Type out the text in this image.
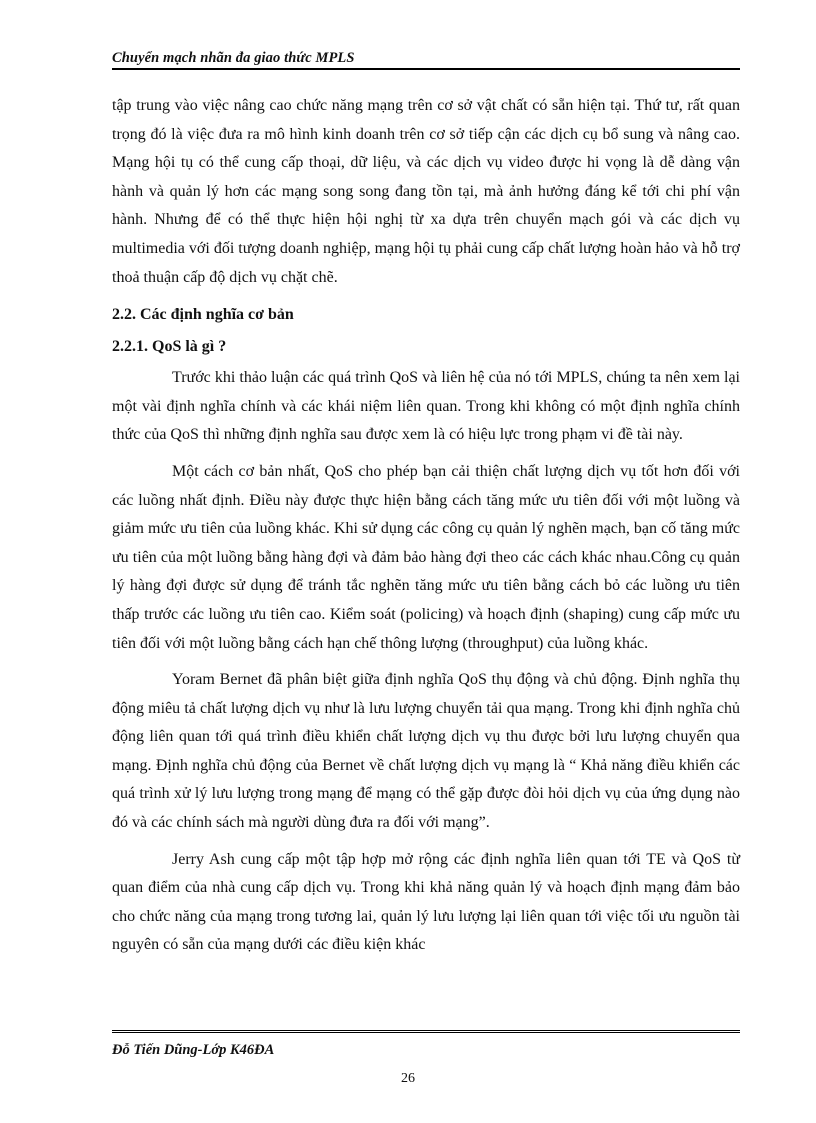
Chuyển mạch nhãn đa giao thức MPLS

tập trung vào việc nâng cao chức năng mạng trên cơ sở vật chất có sẵn hiện tại. Thứ tư, rất quan trọng đó là việc đưa ra mô hình kinh doanh trên cơ sở tiếp cận các dịch cụ bổ sung và nâng cao. Mạng hội tụ có thể cung cấp thoại, dữ liệu, và các dịch vụ video được hi vọng là dễ dàng vận hành và quản lý hơn các mạng song song đang tồn tại, mà ảnh hưởng đáng kể tới chi phí vận hành. Nhưng để có thể thực hiện hội nghị từ xa dựa trên chuyển mạch gói và các dịch vụ multimedia với đối tượng doanh nghiệp, mạng hội tụ phải cung cấp chất lượng hoàn hảo và hỗ trợ thoả thuận cấp độ dịch vụ chặt chẽ.

2.2. Các định nghĩa cơ bản
2.2.1. QoS là gì ?

Trước khi thảo luận các quá trình QoS và liên hệ của nó tới MPLS, chúng ta nên xem lại một vài định nghĩa chính và các khái niệm liên quan. Trong khi không có một định nghĩa chính thức của QoS thì những định nghĩa sau được xem là có hiệu lực trong phạm vi đề tài này.

Một cách cơ bản nhất, QoS cho phép bạn cải thiện chất lượng dịch vụ tốt hơn đối với các luồng nhất định. Điều này được thực hiện bằng cách tăng mức ưu tiên đối với một luồng và giảm mức ưu tiên của luồng khác. Khi sử dụng các công cụ quản lý nghẽn mạch, bạn cố tăng mức ưu tiên của một luồng bằng hàng đợi và đảm bảo hàng đợi theo các cách khác nhau.Công cụ quản lý hàng đợi được sử dụng để tránh tắc nghẽn tăng mức ưu tiên bằng cách bỏ các luồng ưu tiên thấp trước các luồng ưu tiên cao. Kiểm soát (policing) và hoạch định (shaping) cung cấp mức ưu tiên đối với một luồng bằng cách hạn chế thông lượng (throughput) của luồng khác.

Yoram Bernet đã phân biệt giữa định nghĩa QoS thụ động và chủ động. Định nghĩa thụ động miêu tả chất lượng dịch vụ như là lưu lượng chuyển tải qua mạng. Trong khi định nghĩa chủ động liên quan tới quá trình điều khiển chất lượng dịch vụ thu được bởi lưu lượng chuyển qua mạng. Định nghĩa chủ động của Bernet về chất lượng dịch vụ mạng là “ Khả năng điều khiển các quá trình xử lý lưu lượng trong mạng để mạng có thể gặp được đòi hỏi dịch vụ của ứng dụng nào đó và các chính sách mà người dùng đưa ra đối với mạng”.

Jerry Ash cung cấp một tập hợp mở rộng các định nghĩa liên quan tới TE và QoS từ quan điểm của nhà cung cấp dịch vụ. Trong khi khả năng quản lý và hoạch định mạng đảm bảo cho chức năng của mạng trong tương lai, quản lý lưu lượng lại liên quan tới việc tối ưu nguồn tài nguyên có sẵn của mạng dưới các điều kiện khác

Đỗ Tiến Dũng-Lớp K46ĐA
26
